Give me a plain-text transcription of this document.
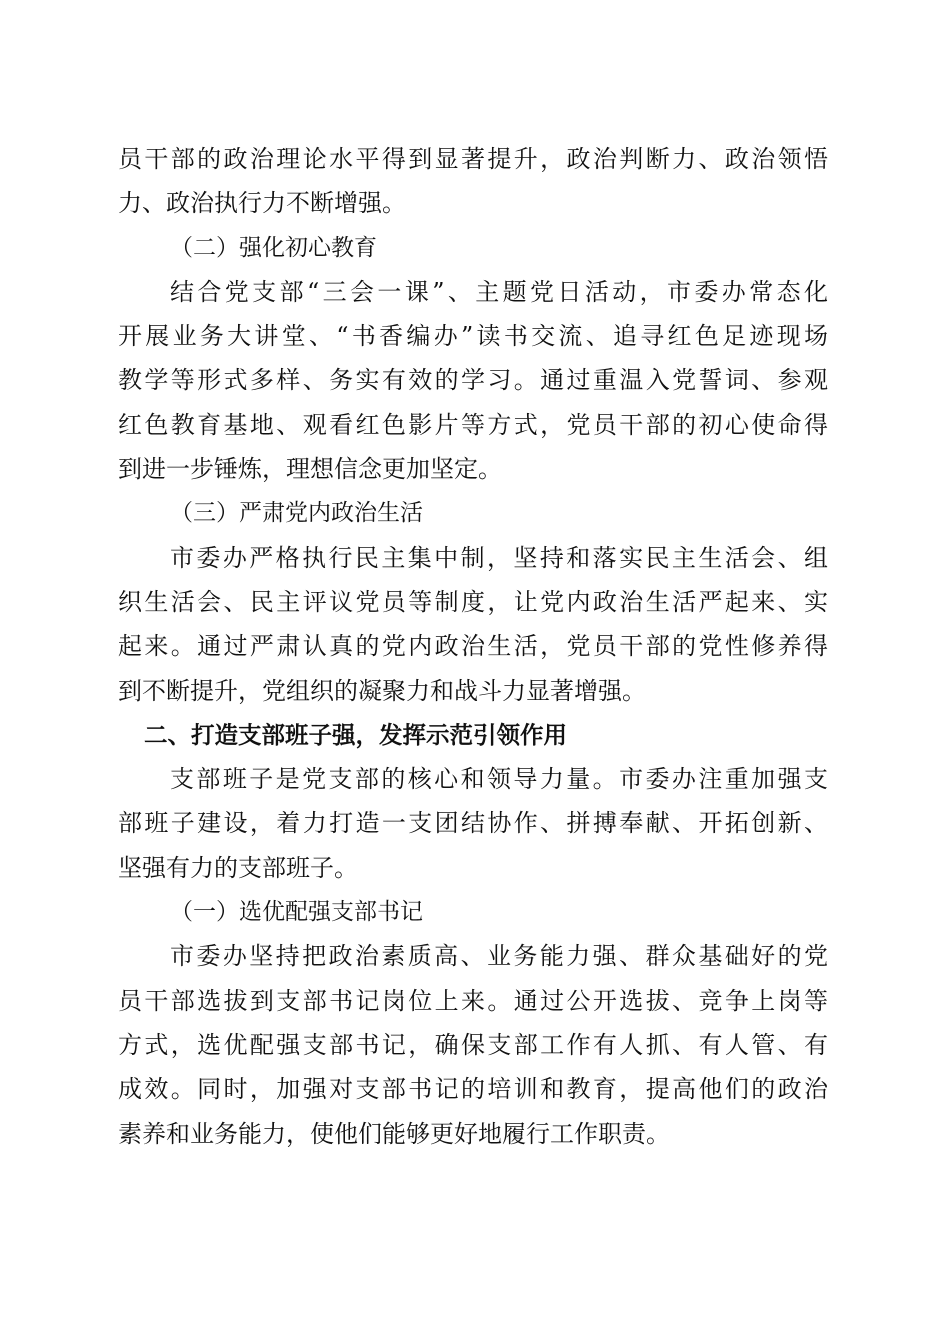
员干部的政治理论水平得到显著提升，政治判断力、政治领悟
力、政治执行力不断增强。
（二）强化初心教育
结合党支部“三会一课”、主题党日活动，市委办常态化
开展业务大讲堂、“书香编办”读书交流、追寻红色足迹现场
教学等形式多样、务实有效的学习。通过重温入党誓词、参观
红色教育基地、观看红色影片等方式，党员干部的初心使命得
到进一步锤炼，理想信念更加坚定。
（三）严肃党内政治生活
市委办严格执行民主集中制，坚持和落实民主生活会、组
织生活会、民主评议党员等制度，让党内政治生活严起来、实
起来。通过严肃认真的党内政治生活，党员干部的党性修养得
到不断提升，党组织的凝聚力和战斗力显著增强。
二、打造支部班子强，发挥示范引领作用
支部班子是党支部的核心和领导力量。市委办注重加强支
部班子建设，着力打造一支团结协作、拼搏奉献、开拓创新、
坚强有力的支部班子。
（一）选优配强支部书记
市委办坚持把政治素质高、业务能力强、群众基础好的党
员干部选拔到支部书记岗位上来。通过公开选拔、竞争上岗等
方式，选优配强支部书记，确保支部工作有人抓、有人管、有
成效。同时，加强对支部书记的培训和教育，提高他们的政治
素养和业务能力，使他们能够更好地履行工作职责。
